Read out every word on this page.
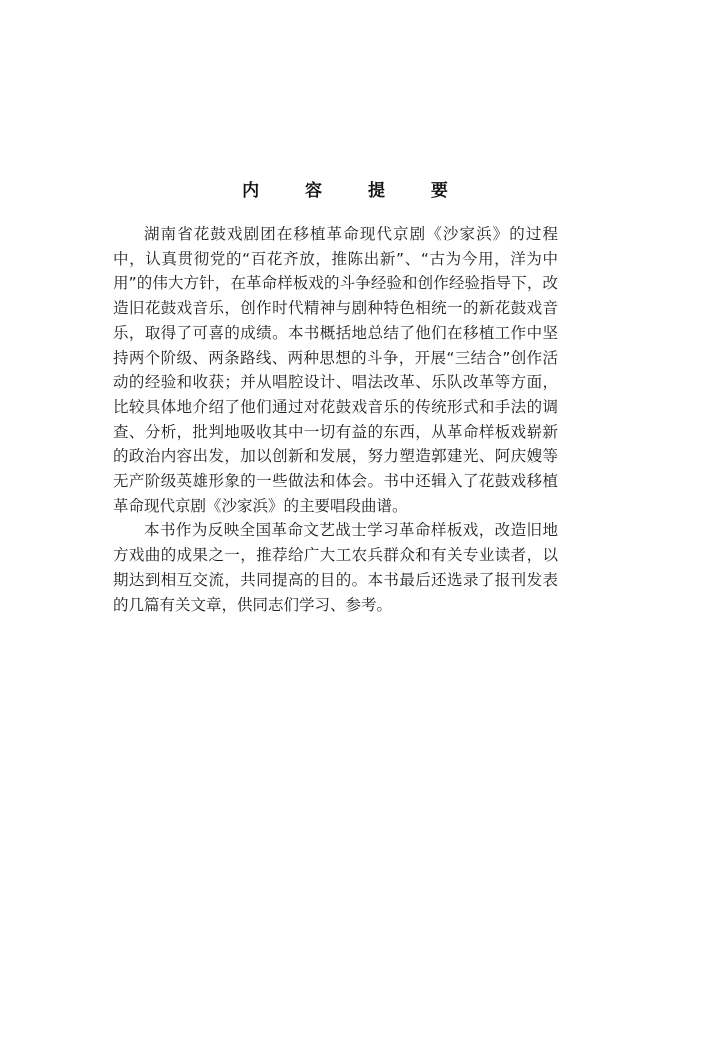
内 容 提 要

湖南省花鼓戏剧团在移植革命现代京剧《沙家浜》的过程中，认真贯彻党的“百花齐放，推陈出新”、“古为今用，洋为中用”的伟大方针，在革命样板戏的斗争经验和创作经验指导下，改造旧花鼓戏音乐，创作时代精神与剧种特色相统一的新花鼓戏音乐，取得了可喜的成绩。本书概括地总结了他们在移植工作中坚持两个阶级、两条路线、两种思想的斗争，开展“三结合”创作活动的经验和收获；并从唱腔设计、唱法改革、乐队改革等方面，比较具体地介绍了他们通过对花鼓戏音乐的传统形式和手法的调查、分析，批判地吸收其中一切有益的东西，从革命样板戏崭新的政治内容出发，加以创新和发展，努力塑造郭建光、阿庆嫂等无产阶级英雄形象的一些做法和体会。书中还辑入了花鼓戏移植革命现代京剧《沙家浜》的主要唱段曲谱。

本书作为反映全国革命文艺战士学习革命样板戏，改造旧地方戏曲的成果之一，推荐给广大工农兵群众和有关专业读者，以期达到相互交流，共同提高的目的。本书最后还选录了报刊发表的几篇有关文章，供同志们学习、参考。
